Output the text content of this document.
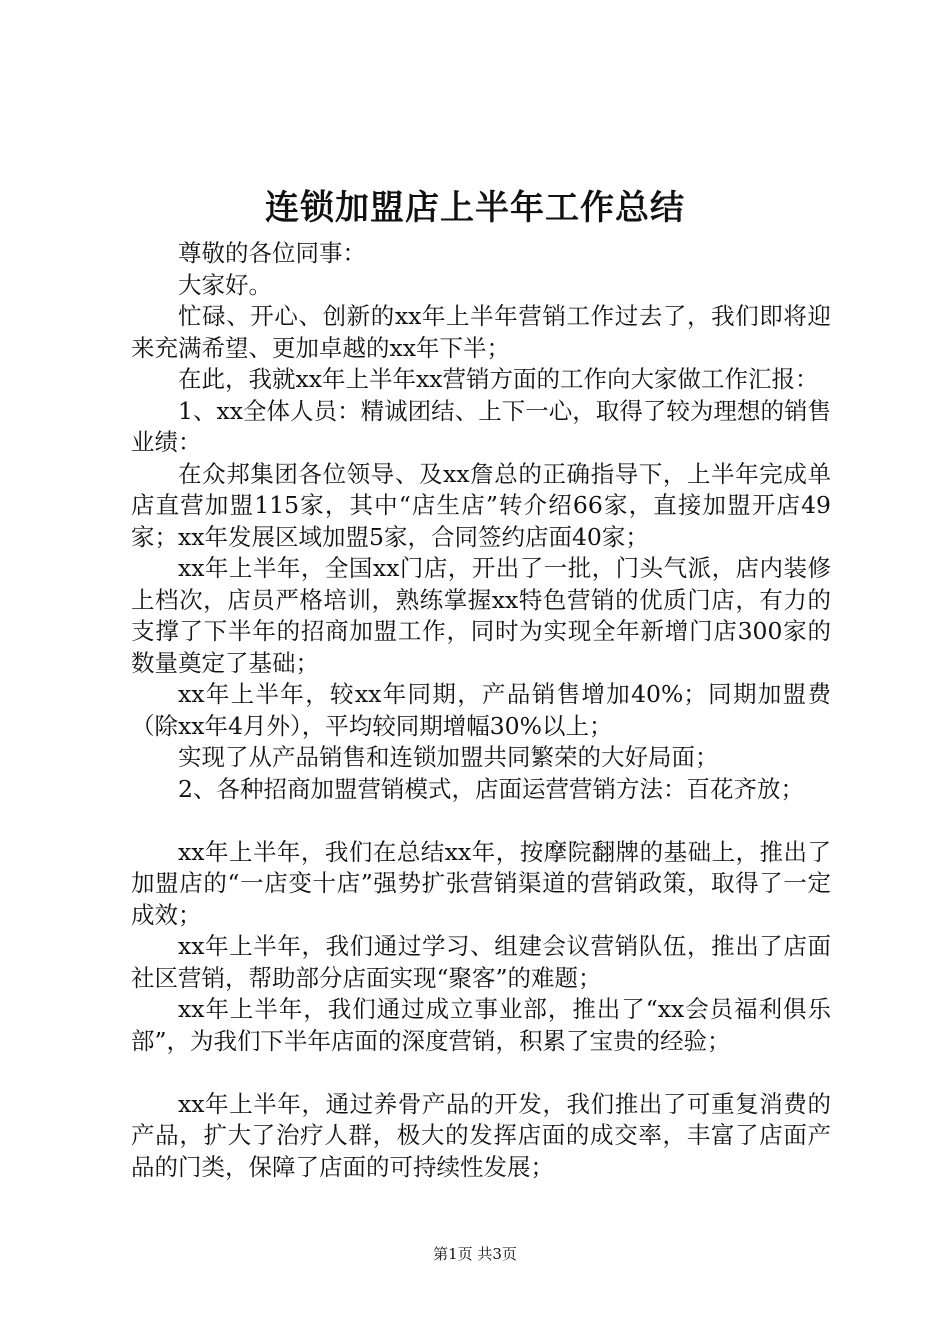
连锁加盟店上半年工作总结

尊敬的各位同事：

大家好。

忙碌、开心、创新的xx年上半年营销工作过去了，我们即将迎来充满希望、更加卓越的xx年下半；

在此，我就xx年上半年xx营销方面的工作向大家做工作汇报：

1、xx全体人员：精诚团结、上下一心，取得了较为理想的销售业绩：

在众邦集团各位领导、及xx詹总的正确指导下，上半年完成单店直营加盟115家，其中“店生店”转介绍66家，直接加盟开店49家；xx年发展区域加盟5家，合同签约店面40家；

xx年上半年，全国xx门店，开出了一批，门头气派，店内装修上档次，店员严格培训，熟练掌握xx特色营销的优质门店，有力的支撑了下半年的招商加盟工作，同时为实现全年新增门店300家的数量奠定了基础；

xx年上半年，较xx年同期，产品销售增加40%；同期加盟费（除xx年4月外），平均较同期增幅30%以上；

实现了从产品销售和连锁加盟共同繁荣的大好局面；

2、各种招商加盟营销模式，店面运营营销方法：百花齐放；

xx年上半年，我们在总结xx年，按摩院翻牌的基础上，推出了加盟店的“一店变十店”强势扩张营销渠道的营销政策，取得了一定成效；

xx年上半年，我们通过学习、组建会议营销队伍，推出了店面社区营销，帮助部分店面实现“聚客”的难题；

xx年上半年，我们通过成立事业部，推出了“xx会员福利俱乐部”，为我们下半年店面的深度营销，积累了宝贵的经验；

xx年上半年，通过养骨产品的开发，我们推出了可重复消费的产品，扩大了治疗人群，极大的发挥店面的成交率，丰富了店面产品的门类，保障了店面的可持续性发展；

第1页 共3页
